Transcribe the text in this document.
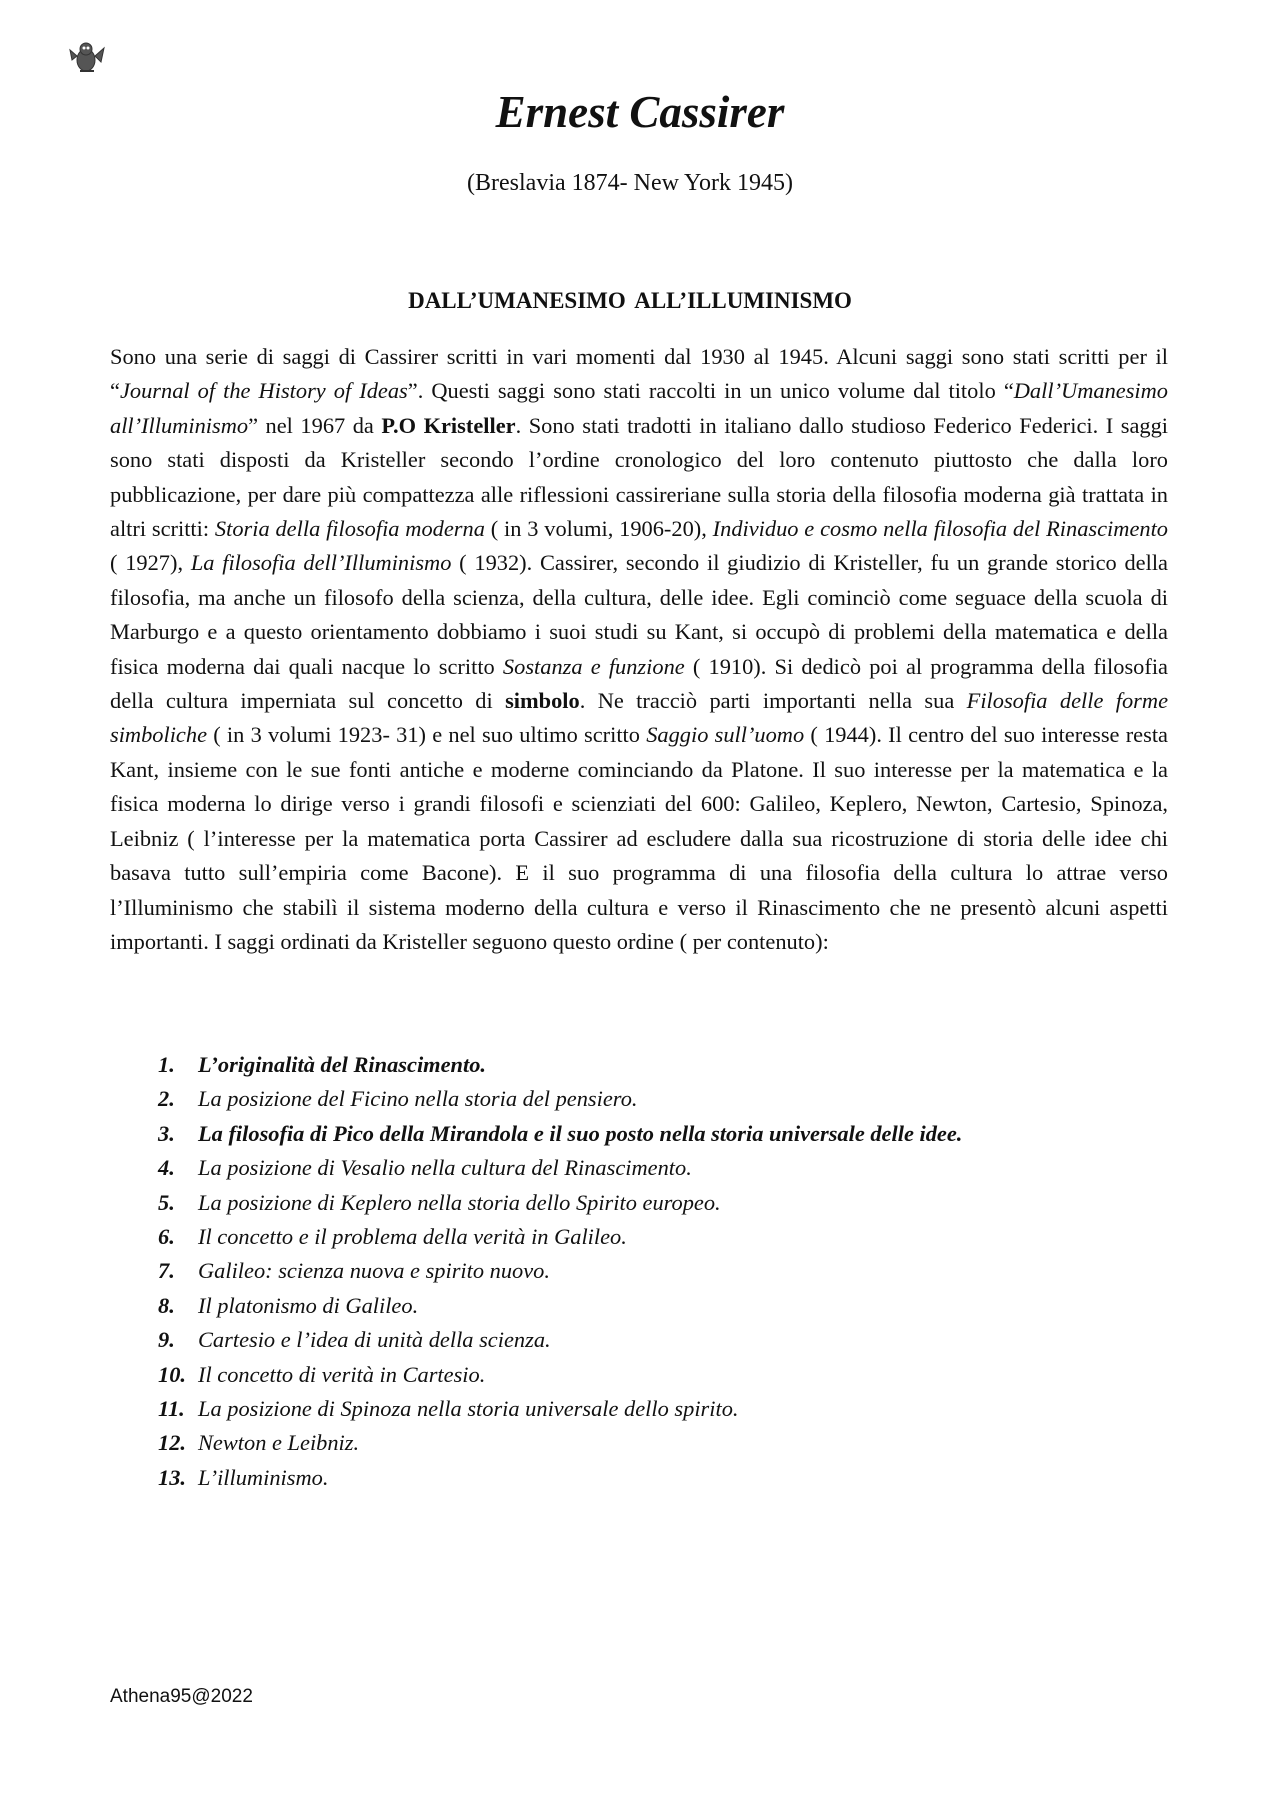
Ernest Cassirer
(Breslavia 1874- New York 1945)
DALL’UMANESIMO ALL’ILLUMINISMO

Sono una serie di saggi di Cassirer scritti in vari momenti dal 1930 al 1945. Alcuni saggi sono stati scritti per il “Journal of the History of Ideas”. Questi saggi sono stati raccolti in un unico volume dal titolo “Dall’Umanesimo all’Illuminismo” nel 1967 da P.O Kristeller. Sono stati tradotti in italiano dallo studioso Federico Federici. I saggi sono stati disposti da Kristeller secondo l’ordine cronologico del loro contenuto piuttosto che dalla loro pubblicazione, per dare più compattezza alle riflessioni cassireriane sulla storia della filosofia moderna già trattata in altri scritti: Storia della filosofia moderna ( in 3 volumi, 1906-20), Individuo e cosmo nella filosofia del Rinascimento ( 1927), La filosofia dell’Illuminismo ( 1932). Cassirer, secondo il giudizio di Kristeller, fu un grande storico della filosofia, ma anche un filosofo della scienza, della cultura, delle idee. Egli cominciò come seguace della scuola di Marburgo e a questo orientamento dobbiamo i suoi studi su Kant, si occupò di problemi della matematica e della fisica moderna dai quali nacque lo scritto Sostanza e funzione ( 1910). Si dedicò poi al programma della filosofia della cultura imperniata sul concetto di simbolo. Ne tracciò parti importanti nella sua Filosofia delle forme simboliche ( in 3 volumi 1923- 31) e nel suo ultimo scritto Saggio sull’uomo ( 1944). Il centro del suo interesse resta Kant, insieme con le sue fonti antiche e moderne cominciando da Platone. Il suo interesse per la matematica e la fisica moderna lo dirige verso i grandi filosofi e scienziati del 600: Galileo, Keplero, Newton, Cartesio, Spinoza, Leibniz ( l’interesse per la matematica porta Cassirer ad escludere dalla sua ricostruzione di storia delle idee chi basava tutto sull’empiria come Bacone). E il suo programma di una filosofia della cultura lo attrae verso l’Illuminismo che stabilì il sistema moderno della cultura e verso il Rinascimento che ne presentò alcuni aspetti importanti. I saggi ordinati da Kristeller seguono questo ordine ( per contenuto):

1.	L’originalità del Rinascimento.
2.	La posizione del Ficino nella storia del pensiero.
3.	La filosofia di Pico della Mirandola e il suo posto nella storia universale delle idee.
4.	La posizione di Vesalio nella cultura del Rinascimento.
5.	La posizione di Keplero nella storia dello Spirito europeo.
6.	Il concetto e il problema della verità in Galileo.
7.	Galileo: scienza nuova e spirito nuovo.
8.	Il platonismo di Galileo.
9.	Cartesio e l’idea di unità della scienza.
10. Il concetto di verità in Cartesio.
11. La posizione di Spinoza nella storia universale dello spirito.
12. Newton e Leibniz.
13. L’illuminismo.
Athena95@2022
